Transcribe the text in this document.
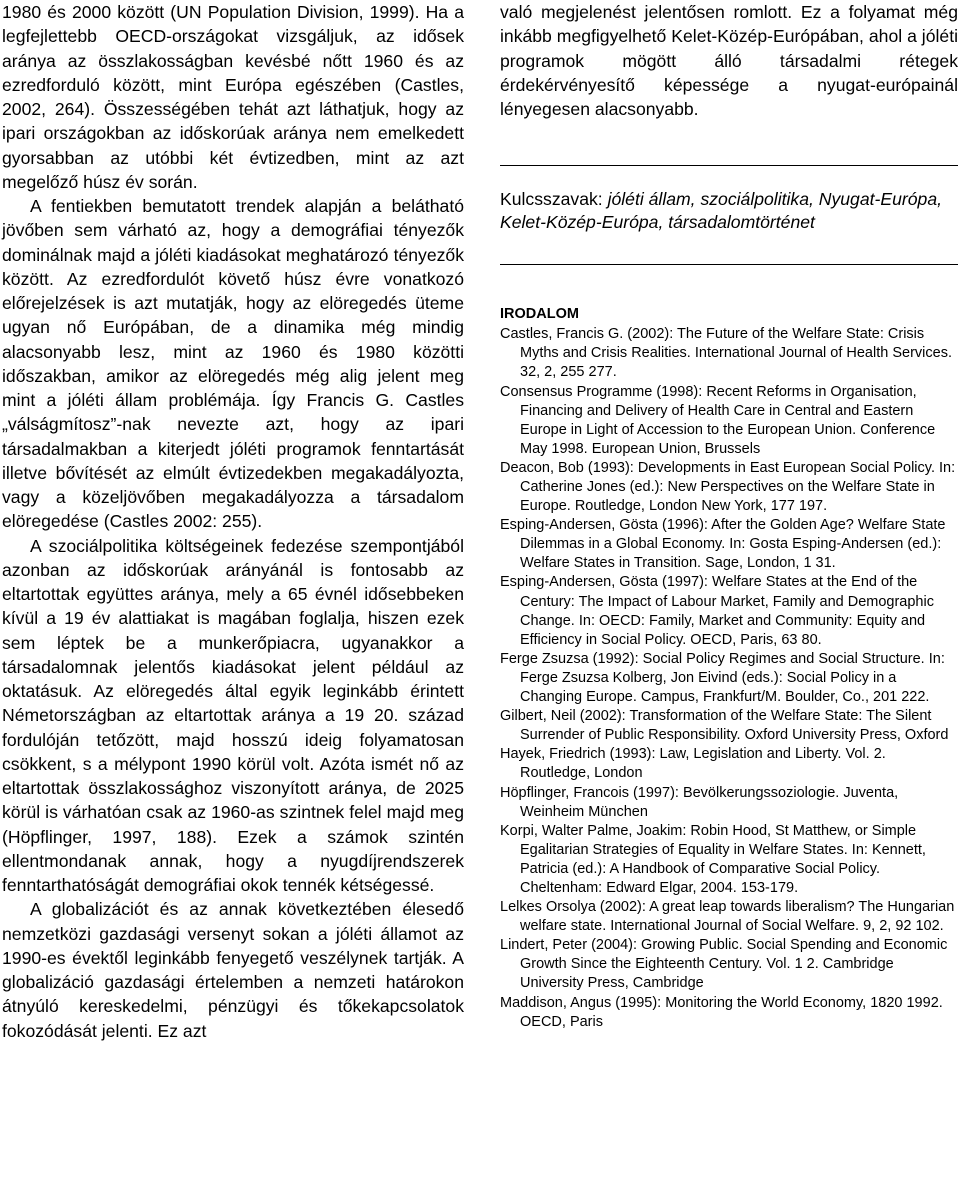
1980 és 2000 között (UN Population Division, 1999). Ha a legfejlettebb OECD-országokat vizsgáljuk, az idősek aránya az összlakosságban kevésbé nőtt 1960 és az ezredforduló között, mint Európa egészében (Castles, 2002, 264). Összességében tehát azt láthatjuk, hogy az ipari országokban az időskorúak aránya nem emelkedett gyorsabban az utóbbi két évtizedben, mint az azt megelőző húsz év során.

A fentiekben bemutatott trendek alapján a belátható jövőben sem várható az, hogy a demográfiai tényezők dominálnak majd a jóléti kiadásokat meghatározó tényezők között. Az ezredfordulót követő húsz évre vonatkozó előrejelzések is azt mutatják, hogy az elöregedés üteme ugyan nő Európában, de a dinamika még mindig alacsonyabb lesz, mint az 1960 és 1980 közötti időszakban, amikor az elöregedés még alig jelent meg mint a jóléti állam problémája. Így Francis G. Castles „válságmítosz”-nak nevezte azt, hogy az ipari társadalmakban a kiterjedt jóléti programok fenntartását illetve bővítését az elmúlt évtizedekben megakadályozta, vagy a közeljövőben megakadályozza a társadalom elöregedése (Castles 2002: 255).

A szociálpolitika költségeinek fedezése szempontjából azonban az időskorúak arányánál is fontosabb az eltartottak együttes aránya, mely a 65 évnél idősebbeken kívül a 19 év alattiakat is magában foglalja, hiszen ezek sem léptek be a munkerőpiacra, ugyanakkor a társadalomnak jelentős kiadásokat jelent például az oktatásuk. Az elöregedés által egyik leginkább érintett Németországban az eltartottak aránya a 19 20. század fordulóján tetőzött, majd hosszú ideig folyamatosan csökkent, s a mélypont 1990 körül volt. Azóta ismét nő az eltartottak összlakossághoz viszonyított aránya, de 2025 körül is várhatóan csak az 1960-as szintnek felel majd meg (Höpflinger, 1997, 188). Ezek a számok szintén ellentmondanak annak, hogy a nyugdíjrendszerek fenntarthatóságát demográfiai okok tennék kétségessé.

A globalizációt és az annak következtében élesedő nemzetközi gazdasági versenyt sokan a jóléti államot az 1990-es évektől leginkább fenyegető veszélynek tartják. A globalizáció gazdasági értelemben a nemzeti határokon átnyúló kereskedelmi, pénzügyi és tőkekapcsolatok fokozódását jelenti. Ez azt

való megjelenést jelentősen romlott. Ez a folyamat még inkább megfigyelhető Kelet-Közép-Európában, ahol a jóléti programok mögött álló társadalmi rétegek érdekérvényesítő képessége a nyugat-európainál lényegesen alacsonyabb.

Kulcsszavak: jóléti állam, szociálpolitika, Nyugat-Európa, Kelet-Közép-Európa, társadalomtörténet
IRODALOM
Castles, Francis G. (2002): The Future of the Welfare State: Crisis Myths and Crisis Realities. International Journal of Health Services. 32, 2, 255 277.
Consensus Programme (1998): Recent Reforms in Organisation, Financing and Delivery of Health Care in Central and Eastern Europe in Light of Accession to the European Union. Conference May 1998. European Union, Brussels
Deacon, Bob (1993): Developments in East European Social Policy. In: Catherine Jones (ed.): New Perspectives on the Welfare State in Europe. Routledge, London New York, 177 197.
Esping-Andersen, Gösta (1996): After the Golden Age? Welfare State Dilemmas in a Global Economy. In: Gosta Esping-Andersen (ed.): Welfare States in Transition. Sage, London, 1 31.
Esping-Andersen, Gösta (1997): Welfare States at the End of the Century: The Impact of Labour Market, Family and Demographic Change. In: OECD: Family, Market and Community: Equity and Efficiency in Social Policy. OECD, Paris, 63 80.
Ferge Zsuzsa (1992): Social Policy Regimes and Social Structure. In: Ferge Zsuzsa Kolberg, Jon Eivind (eds.): Social Policy in a Changing Europe. Campus, Frankfurt/M. Boulder, Co., 201 222.
Gilbert, Neil (2002): Transformation of the Welfare State: The Silent Surrender of Public Responsibility. Oxford University Press, Oxford
Hayek, Friedrich (1993): Law, Legislation and Liberty. Vol. 2. Routledge, London
Höpflinger, Francois (1997): Bevölkerungssoziologie. Juventa, Weinheim München
Korpi, Walter Palme, Joakim: Robin Hood, St Matthew, or Simple Egalitarian Strategies of Equality in Welfare States. In: Kennett, Patricia (ed.): A Handbook of Comparative Social Policy. Cheltenham: Edward Elgar, 2004. 153-179.
Lelkes Orsolya (2002): A great leap towards liberalism? The Hungarian welfare state. International Journal of Social Welfare. 9, 2, 92 102.
Lindert, Peter (2004): Growing Public. Social Spending and Economic Growth Since the Eighteenth Century. Vol. 1 2. Cambridge University Press, Cambridge
Maddison, Angus (1995): Monitoring the World Economy, 1820 1992. OECD, Paris
